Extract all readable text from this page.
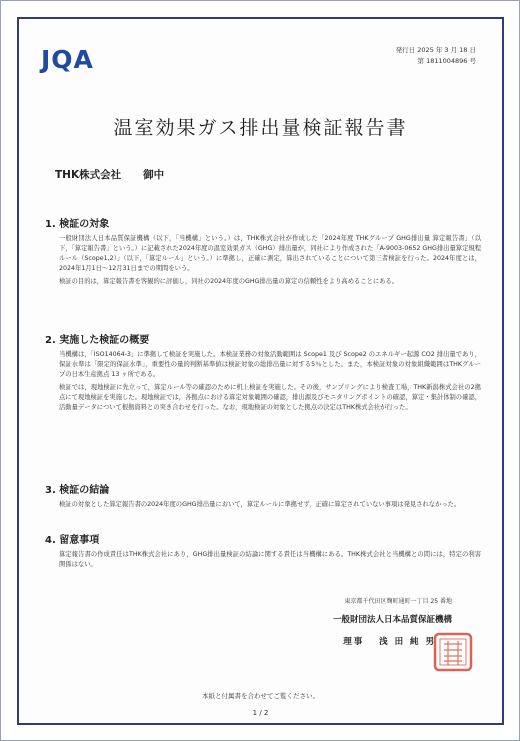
JQA	発行日 2025 年 3 月 18 日
第 1811004896 号
温室効果ガス排出量検証報告書
THK株式会社 御中
1. 検証の対象

一般財団法人日本品質保証機構（以下，「当機構」という。）は，THK株式会社が作成した「2024年度 THKグループ GHG排出量 算定報告書」（以下，「算定報告書」という。）に記載された2024年度の温室効果ガス（GHG）排出量が，同社により作成された「A-9003-0652 GHG排出量算定規程ルール（Scope1,2）」（以下，「算定ルール」という。）に準拠し，正確に測定，算出されていることについて第三者検証を行った。2024年度とは，2024年1月1日～12月31日までの期間をいう。

検証の目的は，算定報告書を客観的に評価し，同社の2024年度のGHG排出量の算定の信頼性をより高めることにある。

2. 実施した検証の概要

当機構は，「ISO14064-3」に準拠して検証を実施した。本検証業務の対象活動範囲は Scope1 及び Scope2 のエネルギー起源 CO2 排出量であり，保証水準は「限定的保証水準」，重要性の量的判断基準値は検証対象の総排出量に対する5％とした。また，本検証対象の対象組織範囲はTHKグループの日本生産拠点 13 ヶ所である。

検証では，現地検証に先立って，算定ルール等の確認のために机上検証を実施した。その後，サンプリングにより検査工場，THK新潟株式会社の2拠点にて現地検証を実施した。現地検証では，各拠点における算定対象範囲の確認，排出源及びモニタリングポイントの確認，算定・集計体制の確認，活動量データについて根拠資料との突き合わせを行った。なお，現地検証の対象とした拠点の決定はTHK株式会社が行った。

3. 検証の結論

検証の対象とした算定報告書の2024年度のGHG排出量において，算定ルールに準拠せず，正確に算定されていない事項は発見されなかった。

4. 留意事項

算定報告書の作成責任はTHK株式会社にあり，GHG排出量検証の結論に関する責任は当機構にある。THK株式会社と当機構との間には，特定の利害関係はない。

東京都千代田区麹町通町一丁目 25 番地
一般財団法人日本品質保証機構
理事 浅 田 純 男
本紙と付属書を合わせてご覧ください。
1 / 2
